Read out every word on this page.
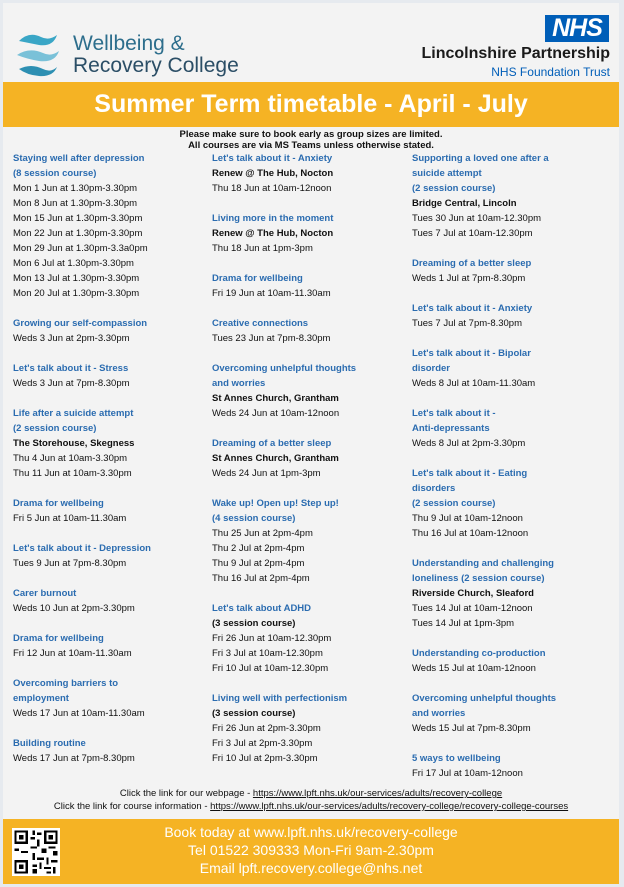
Wellbeing &
Recovery College
NHS
Lincolnshire Partnership
NHS Foundation Trust
Summer Term timetable - April - July
Please make sure to book early as group sizes are limited.
All courses are via MS Teams unless otherwise stated.
Staying well after depression
(8 session course)
Mon 1 Jun at 1.30pm-3.30pm
Mon 8 Jun at 1.30pm-3.30pm
Mon 15 Jun at 1.30pm-3.30pm
Mon 22 Jun at 1.30pm-3.30pm
Mon 29 Jun at 1.30pm-3.3a0pm
Mon 6 Jul at 1.30pm-3.30pm
Mon 13 Jul at 1.30pm-3.30pm
Mon 20 Jul at 1.30pm-3.30pm
Growing our self-compassion
Weds 3 Jun at 2pm-3.30pm
Let's talk about it - Stress
Weds 3 Jun at 7pm-8.30pm
Life after a suicide attempt
(2 session course)
The Storehouse, Skegness
Thu 4 Jun at 10am-3.30pm
Thu 11 Jun at 10am-3.30pm
Drama for wellbeing
Fri 5 Jun at 10am-11.30am
Let's talk about it - Depression
Tues 9 Jun at 7pm-8.30pm
Carer burnout
Weds 10 Jun at 2pm-3.30pm
Drama for wellbeing
Fri 12 Jun at 10am-11.30am
Overcoming barriers to
employment
Weds 17 Jun at 10am-11.30am
Building routine
Weds 17 Jun at 7pm-8.30pm
Let's talk about it - Anxiety
Renew @ The Hub, Nocton
Thu 18 Jun at 10am-12noon
Living more in the moment
Renew @ The Hub, Nocton
Thu 18 Jun at 1pm-3pm
Drama for wellbeing
Fri 19 Jun at 10am-11.30am
Creative connections
Tues 23 Jun at 7pm-8.30pm
Overcoming unhelpful thoughts
and worries
St Annes Church, Grantham
Weds 24 Jun at 10am-12noon
Dreaming of a better sleep
St Annes Church, Grantham
Weds 24 Jun at 1pm-3pm
Wake up! Open up! Step up!
(4 session course)
Thu 25 Jun at 2pm-4pm
Thu 2 Jul at 2pm-4pm
Thu 9 Jul at 2pm-4pm
Thu 16 Jul at 2pm-4pm
Let's talk about ADHD
(3 session course)
Fri 26 Jun at 10am-12.30pm
Fri 3 Jul at 10am-12.30pm
Fri 10 Jul at 10am-12.30pm
Living well with perfectionism
(3 session course)
Fri 26 Jun at 2pm-3.30pm
Fri 3 Jul at 2pm-3.30pm
Fri 10 Jul at 2pm-3.30pm
Supporting a loved one after a
suicide attempt
(2 session course)
Bridge Central, Lincoln
Tues 30 Jun at 10am-12.30pm
Tues 7 Jul at 10am-12.30pm
Dreaming of a better sleep
Weds 1 Jul at 7pm-8.30pm
Let's talk about it - Anxiety
Tues 7 Jul at 7pm-8.30pm
Let's talk about it - Bipolar
disorder
Weds 8 Jul at 10am-11.30am
Let's talk about it -
Anti-depressants
Weds 8 Jul at 2pm-3.30pm
Let's talk about it - Eating
disorders
(2 session course)
Thu 9 Jul at 10am-12noon
Thu 16 Jul at 10am-12noon
Understanding and challenging
loneliness (2 session course)
Riverside Church, Sleaford
Tues 14 Jul at 10am-12noon
Tues 14 Jul at 1pm-3pm
Understanding co-production
Weds 15 Jul at 10am-12noon
Overcoming unhelpful thoughts
and worries
Weds 15 Jul at 7pm-8.30pm
5 ways to wellbeing
Fri 17 Jul at 10am-12noon
Click the link for our webpage - https://www.lpft.nhs.uk/our-services/adults/recovery-college
Click the link for course information - https://www.lpft.nhs.uk/our-services/adults/recovery-college/recovery-college-courses
Book today at www.lpft.nhs.uk/recovery-college
Tel 01522 309333 Mon-Fri 9am-2.30pm
Email lpft.recovery.college@nhs.net
